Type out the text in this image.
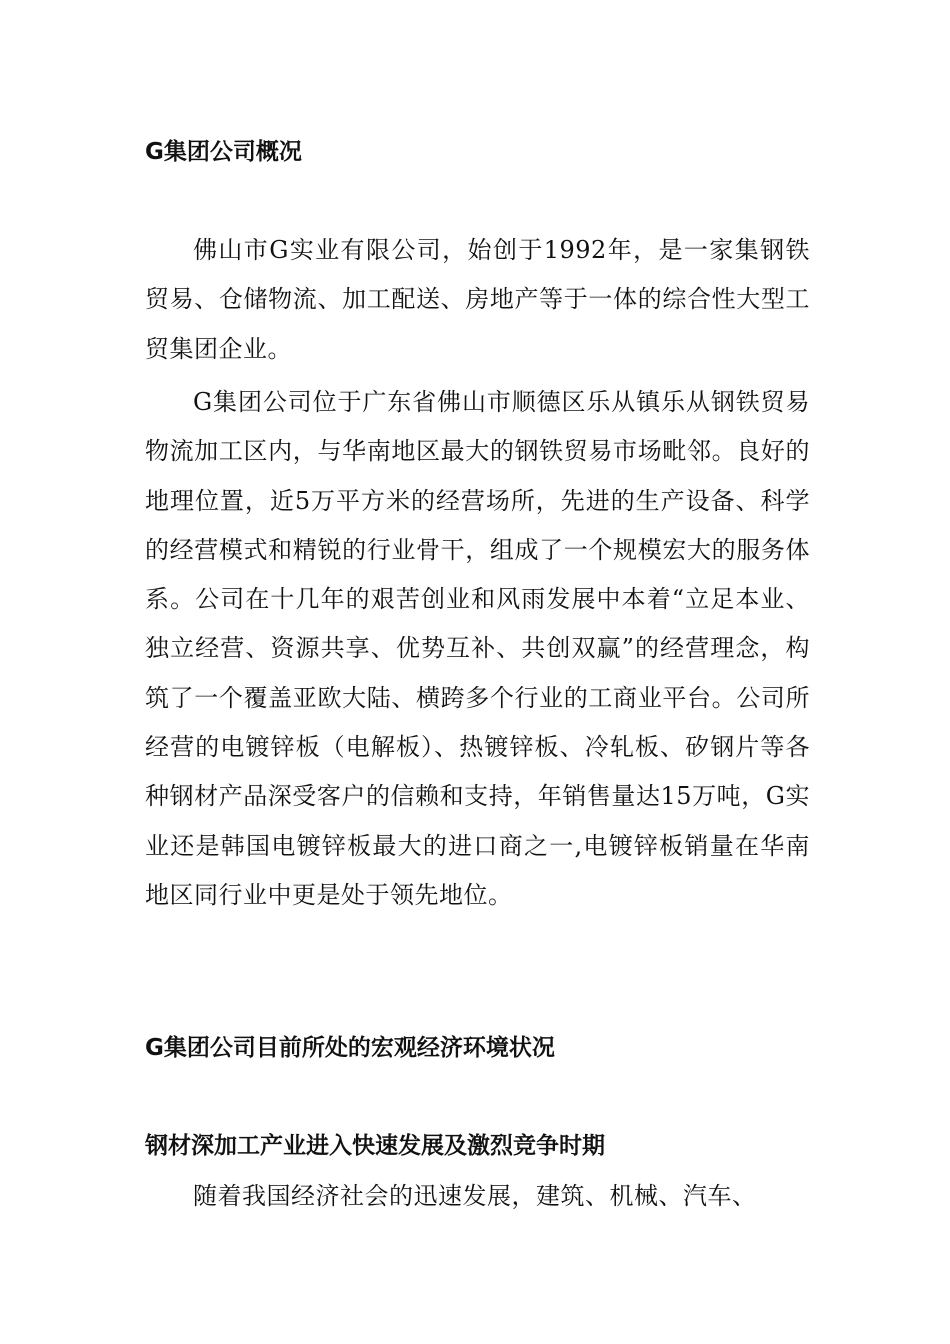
G集团公司概况

佛山市G实业有限公司，始创于1992年，是一家集钢铁贸易、仓储物流、加工配送、房地产等于一体的综合性大型工贸集团企业。

G集团公司位于广东省佛山市顺德区乐从镇乐从钢铁贸易物流加工区内，与华南地区最大的钢铁贸易市场毗邻。良好的地理位置，近5万平方米的经营场所，先进的生产设备、科学的经营模式和精锐的行业骨干，组成了一个规模宏大的服务体系。公司在十几年的艰苦创业和风雨发展中本着“立足本业、独立经营、资源共享、优势互补、共创双赢”的经营理念，构筑了一个覆盖亚欧大陆、横跨多个行业的工商业平台。公司所经营的电镀锌板（电解板）、热镀锌板、冷轧板、矽钢片等各种钢材产品深受客户的信赖和支持，年销售量达15万吨，G实业还是韩国电镀锌板最大的进口商之一,电镀锌板销量在华南地区同行业中更是处于领先地位。

G集团公司目前所处的宏观经济环境状况
钢材深加工产业进入快速发展及激烈竞争时期

随着我国经济社会的迅速发展，建筑、机械、汽车、
